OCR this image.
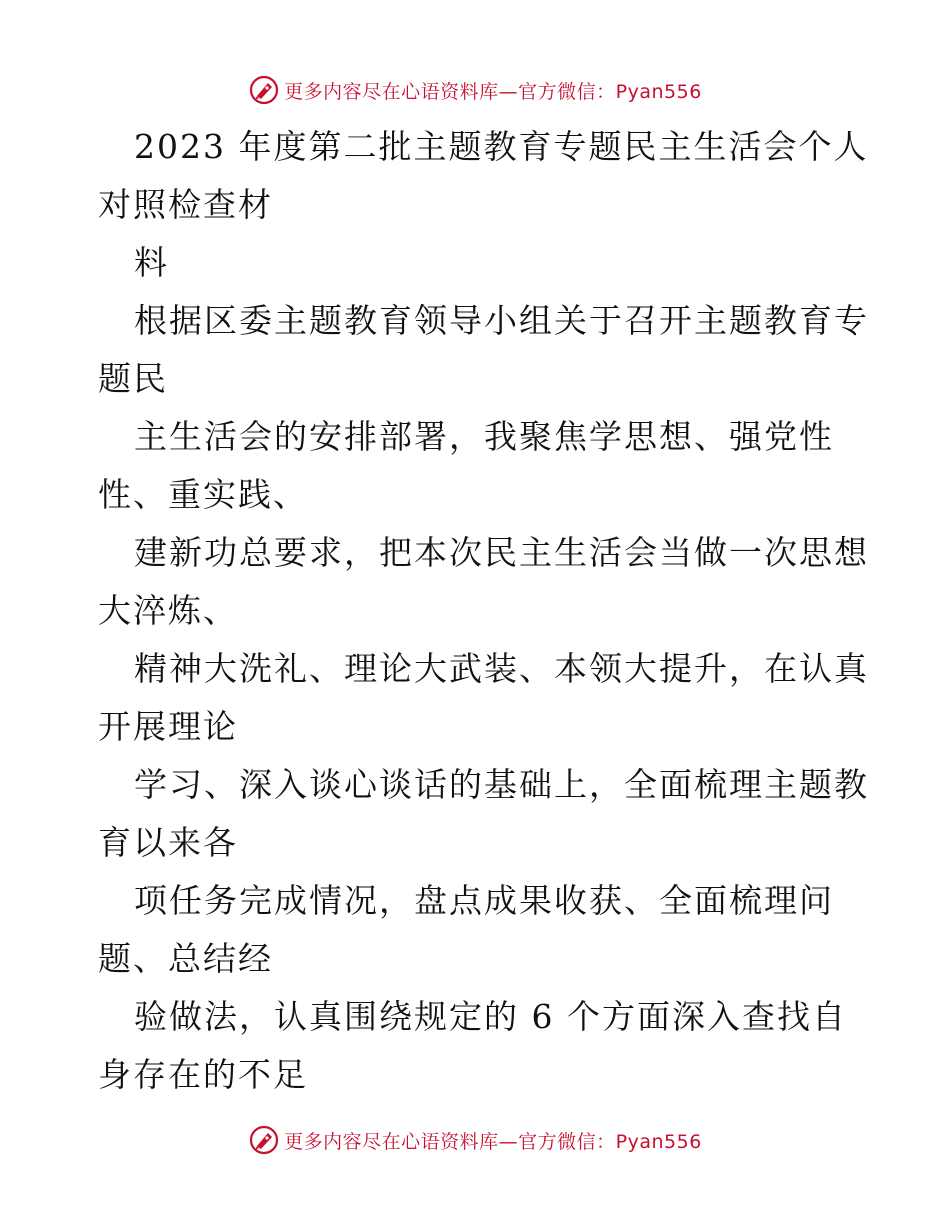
更多内容尽在心语资料库—官方微信：Pyan556
2023 年度第二批主题教育专题民主生活会个人
对照检查材
料
根据区委主题教育领导小组关于召开主题教育专
题民
主生活会的安排部署，我聚焦学思想、强党性
性、重实践、
建新功总要求，把本次民主生活会当做一次思想
大淬炼、
精神大洗礼、理论大武装、本领大提升，在认真
开展理论
学习、深入谈心谈话的基础上，全面梳理主题教
育以来各
项任务完成情况，盘点成果收获、全面梳理问
题、总结经
验做法，认真围绕规定的 6 个方面深入查找自
身存在的不足
更多内容尽在心语资料库—官方微信：Pyan556
